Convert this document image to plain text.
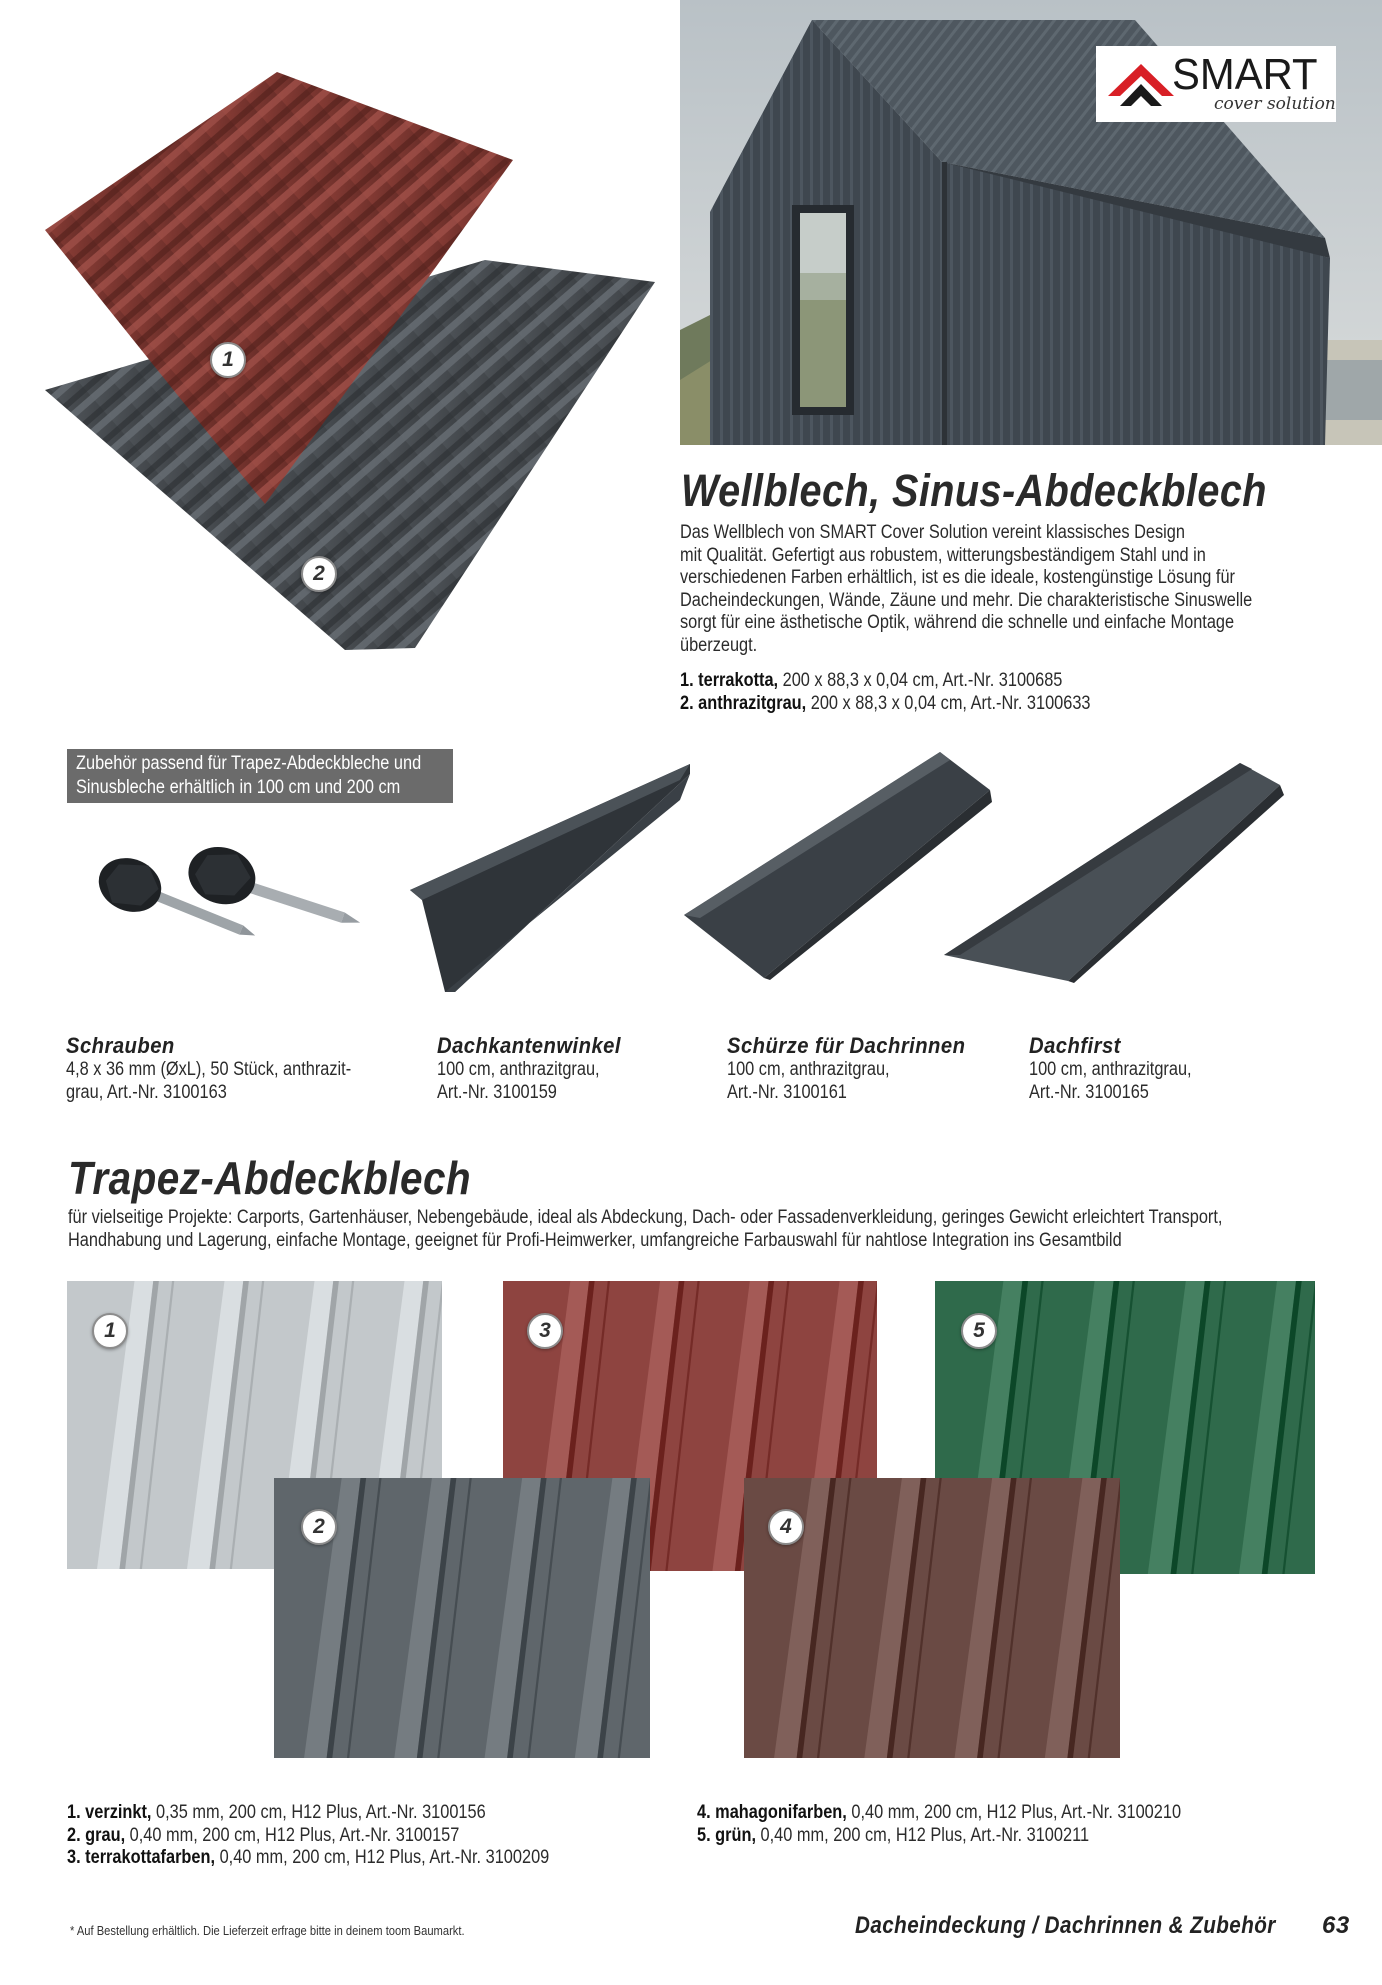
1
2
SMART
cover solution
Wellblech, Sinus-Abdeckblech
Das Wellblech von SMART Cover Solution vereint klassisches Design
mit Qualität. Gefertigt aus robustem, witterungsbeständigem Stahl und in
verschiedenen Farben erhältlich, ist es die ideale, kostengünstige Lösung für
Dacheindeckungen, Wände, Zäune und mehr. Die charakteristische Sinuswelle
sorgt für eine ästhetische Optik, während die schnelle und einfache Montage
überzeugt.
1. terrakotta, 200 x 88,3 x 0,04 cm, Art.-Nr. 3100685
2. anthrazitgrau, 200 x 88,3 x 0,04 cm, Art.-Nr. 3100633
Zubehör passend für Trapez-Abdeckbleche und
Sinusbleche erhältlich in 100 cm und 200 cm
Schrauben
4,8 x 36 mm (ØxL), 50 Stück, anthrazit-
grau, Art.-Nr. 3100163
Dachkantenwinkel
100 cm, anthrazitgrau,
Art.-Nr. 3100159
Schürze für Dachrinnen
100 cm, anthrazitgrau,
Art.-Nr. 3100161
Dachfirst
100 cm, anthrazitgrau,
Art.-Nr. 3100165
Trapez-Abdeckblech
für vielseitige Projekte: Carports, Gartenhäuser, Nebengebäude, ideal als Abdeckung, Dach- oder Fassadenverkleidung, geringes Gewicht erleichtert Transport,
Handhabung und Lagerung, einfache Montage, geeignet für Profi-Heimwerker, umfangreiche Farbauswahl für nahtlose Integration ins Gesamtbild
1	3	5
2	4
1. verzinkt, 0,35 mm, 200 cm, H12 Plus, Art.-Nr. 3100156
2. grau, 0,40 mm, 200 cm, H12 Plus, Art.-Nr. 3100157
3. terrakottafarben, 0,40 mm, 200 cm, H12 Plus, Art.-Nr. 3100209
4. mahagonifarben, 0,40 mm, 200 cm, H12 Plus, Art.-Nr. 3100210
5. grün, 0,40 mm, 200 cm, H12 Plus, Art.-Nr. 3100211
* Auf Bestellung erhältlich. Die Lieferzeit erfrage bitte in deinem toom Baumarkt.	Dacheindeckung / Dachrinnen & Zubehör 63
